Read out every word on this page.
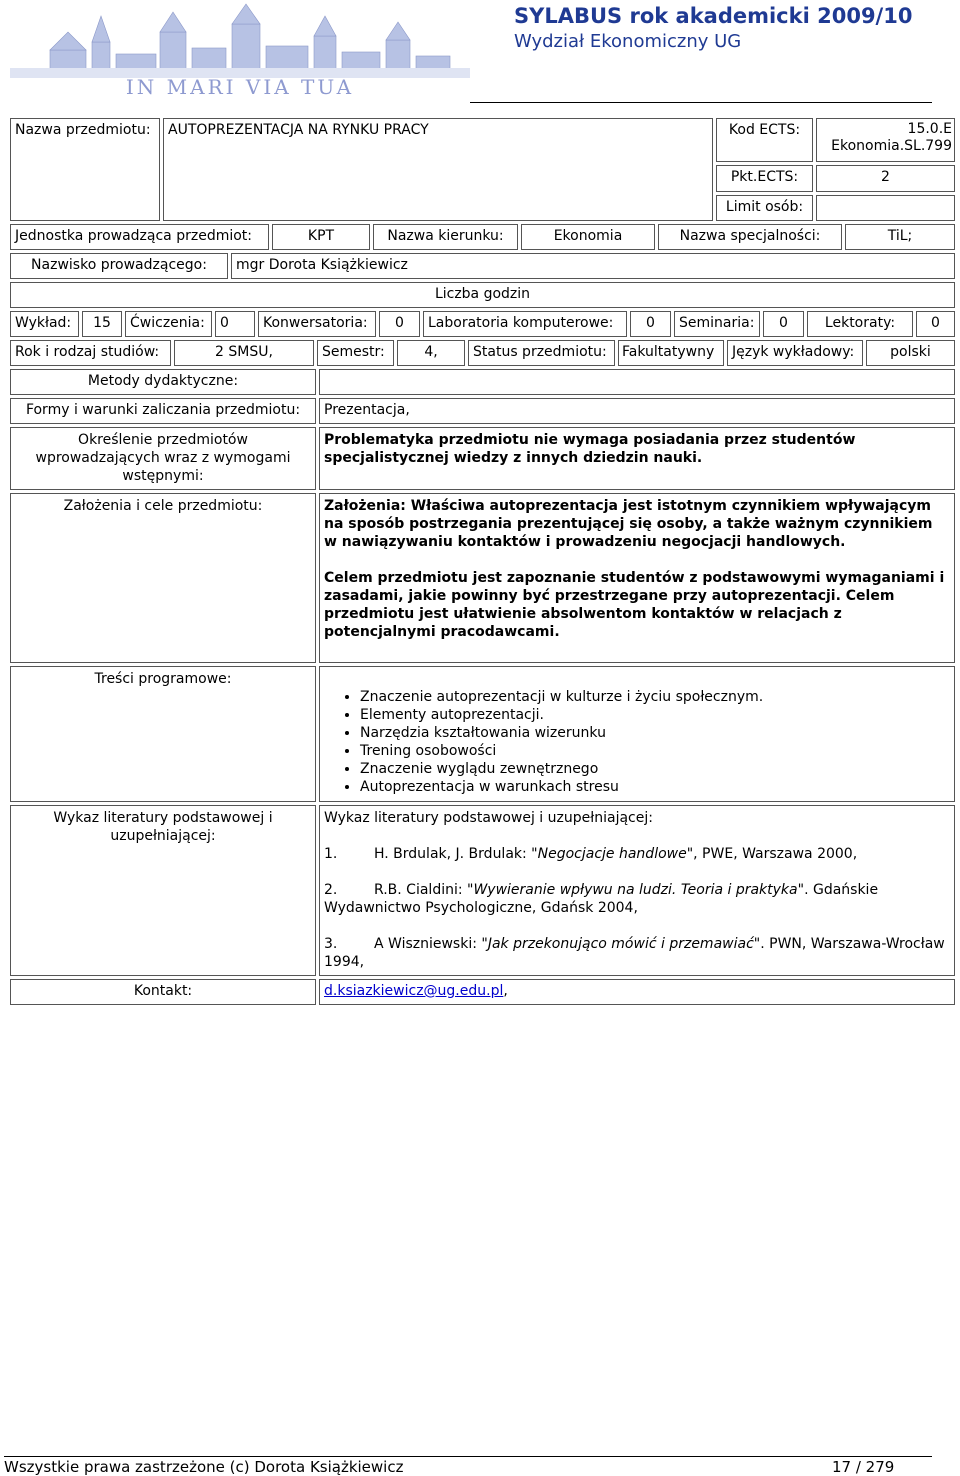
IN MARI VIA TUA
SYLABUS rok akademicki 2009/10
Wydział Ekonomiczny UG
Nazwa przedmiotu:	AUTOPREZENTACJA NA RYNKU PRACY	Kod ECTS:	15.0.E Ekonomia.SL.799
Pkt.ECTS:	2
Limit osób:
Jednostka prowadząca przedmiot:	KPT	Nazwa kierunku:	Ekonomia	Nazwa specjalności:	TiL;
Nazwisko prowadzącego:	mgr Dorota Książkiewicz
Liczba godzin
Wykład:	15	Ćwiczenia:	0	Konwersatoria:	0	Laboratoria komputerowe:	0	Seminaria:	0	Lektoraty:	0
Rok i rodzaj studiów:	2 SMSU,	Semestr:	4,	Status przedmiotu:	Fakultatywny	Język wykładowy:	polski
Metody dydaktyczne:
Formy i warunki zaliczania przedmiotu:	Prezentacja,
Określenie przedmiotów wprowadzających wraz z wymogami wstępnymi:
Problematyka przedmiotu nie wymaga posiadania przez studentów specjalistycznej wiedzy z innych dziedzin nauki.
Założenia i cele przedmiotu:	Założenia: Właściwa autoprezentacja jest istotnym czynnikiem wpływającym na sposób postrzegania prezentującej się osoby, a także ważnym czynnikiem w nawiązywaniu kontaktów i prowadzeniu negocjacji handlowych.

Celem przedmiotu jest zapoznanie studentów z podstawowymi wymaganiami i zasadami, jakie powinny być przestrzegane przy autoprezentacji. Celem przedmiotu jest ułatwienie absolwentom kontaktów w relacjach z potencjalnymi pracodawcami.

Treści programowe:
• Znaczenie autoprezentacji w kulturze i życiu społecznym.
• Elementy autoprezentacji.
• Narzędzia kształtowania wizerunku
• Trening osobowości
• Znaczenie wyglądu zewnętrznego
• Autoprezentacja w warunkach stresu
Wykaz literatury podstawowej i uzupełniającej:

Wykaz literatury podstawowej i uzupełniającej:

1.	H. Brdulak, J. Brdulak: "Negocjacje handlowe", PWE, Warszawa 2000,

2.	R.B. Cialdini: "Wywieranie wpływu na ludzi. Teoria i praktyka". Gdańskie Wydawnictwo Psychologiczne, Gdańsk 2004,

3.	A Wiszniewski: "Jak przekonująco mówić i przemawiać". PWN, Warszawa-Wrocław 1994,

Kontakt:	d.ksiazkiewicz@ug.edu.pl,
Wszystkie prawa zastrzeżone (c) Dorota Książkiewicz	17 / 279
